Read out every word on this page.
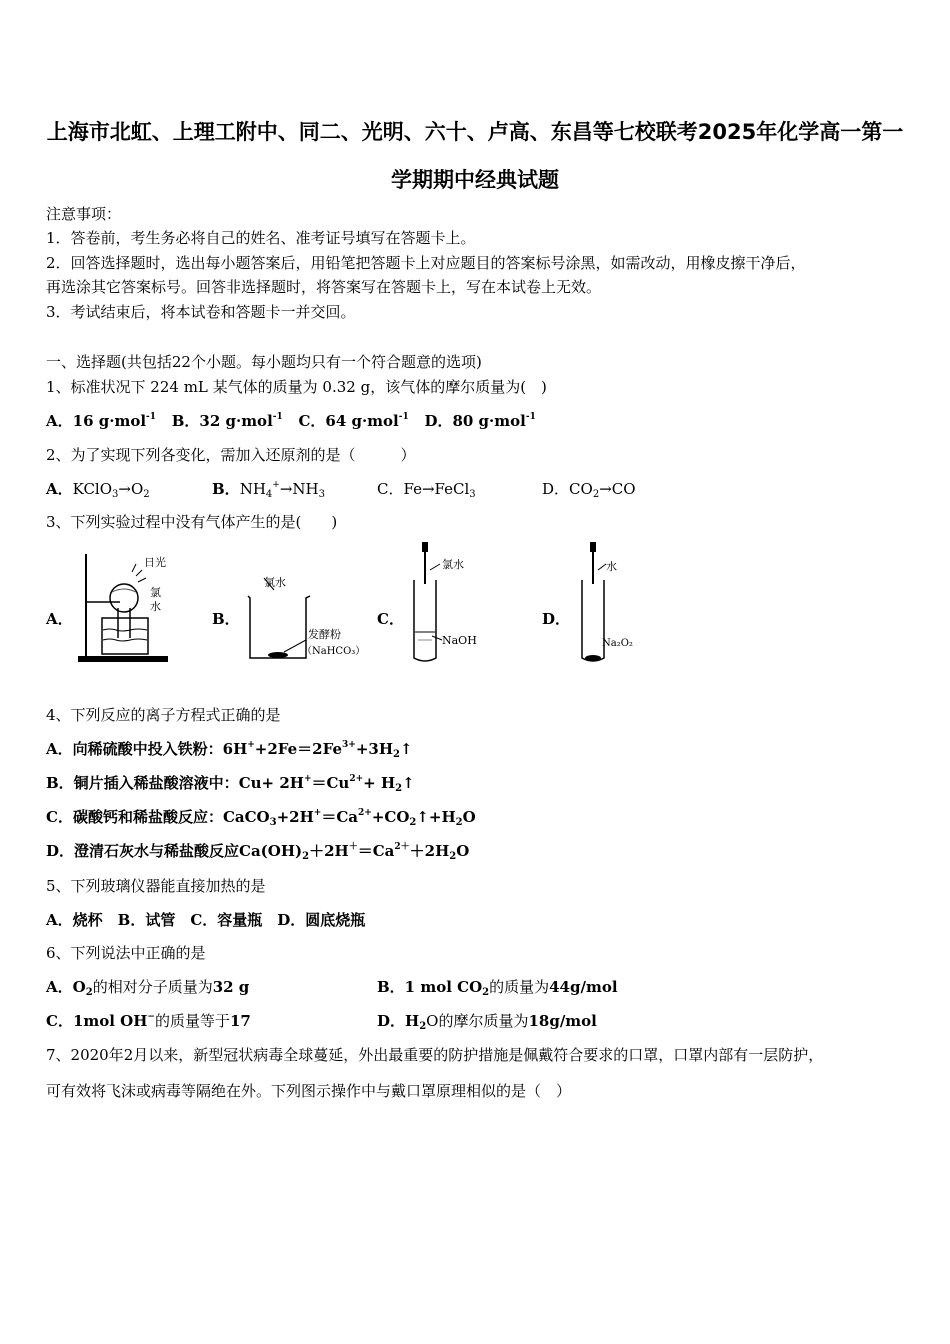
上海市北虹、上理工附中、同二、光明、六十、卢高、东昌等七校联考2025年化学高一第一
学期期中经典试题
注意事项：
1．答卷前，考生务必将自己的姓名、准考证号填写在答题卡上。
2．回答选择题时，选出每小题答案后，用铅笔把答题卡上对应题目的答案标号涂黑，如需改动，用橡皮擦干净后，
再选涂其它答案标号。回答非选择题时，将答案写在答题卡上，写在本试卷上无效。
3．考试结束后，将本试卷和答题卡一并交回。
一、选择题(共包括22个小题。每小题均只有一个符合题意的选项)
1、标准状况下 224 mL 某气体的质量为 0.32 g，该气体的摩尔质量为(　)
A．16 g·mol$^{-1}$ B．32 g·mol$^{-1}$ C．64 g·mol$^{-1}$ D．80 g·mol$^{-1}$
2、为了实现下列各变化，需加入还原剂的是（　　　）
A．$KClO_3\to O_2$	B．$NH_4^+\to NH_3$	C．Fe→FeCl$_3$	D．$CO_2\to CO$
3、下列实验过程中没有气体产生的是(　　)
A．	B．	C．	D．
日光
氯
水
氯水
发酵粉
（NaHCO₃）
氯水
NaOH
水
Na₂O₂
4、下列反应的离子方程式正确的是
A．向稀硫酸中投入铁粉：$6H^++2Fe=2Fe^{3+}+3H_2↑$
B．铜片插入稀盐酸溶液中：$Cu+ 2H^+=Cu^{2+}+$ $H_2↑$
C．碳酸钙和稀盐酸反应：$CaCO_3+2H^+=Ca^{2+}+CO_2↑+H_2O$
D．澄清石灰水与稀盐酸反应$Ca(OH)_2+2H^+=Ca^{2+}+2H_2O$
5、下列玻璃仪器能直接加热的是
A．烧杯　B．试管　C．容量瓶　D．圆底烧瓶
6、下列说法中正确的是
A．$O_2$的相对分子质量为32 g	B．1 mol $CO_2$的质量为44g/mol
C．1mol OH−的质量等于17	D．$H_2O$的摩尔质量为18g/mol
7、2020年2月以来，新型冠状病毒全球蔓延，外出最重要的防护措施是佩戴符合要求的口罩，口罩内部有一层防护，
可有效将飞沫或病毒等隔绝在外。下列图示操作中与戴口罩原理相似的是（　）
